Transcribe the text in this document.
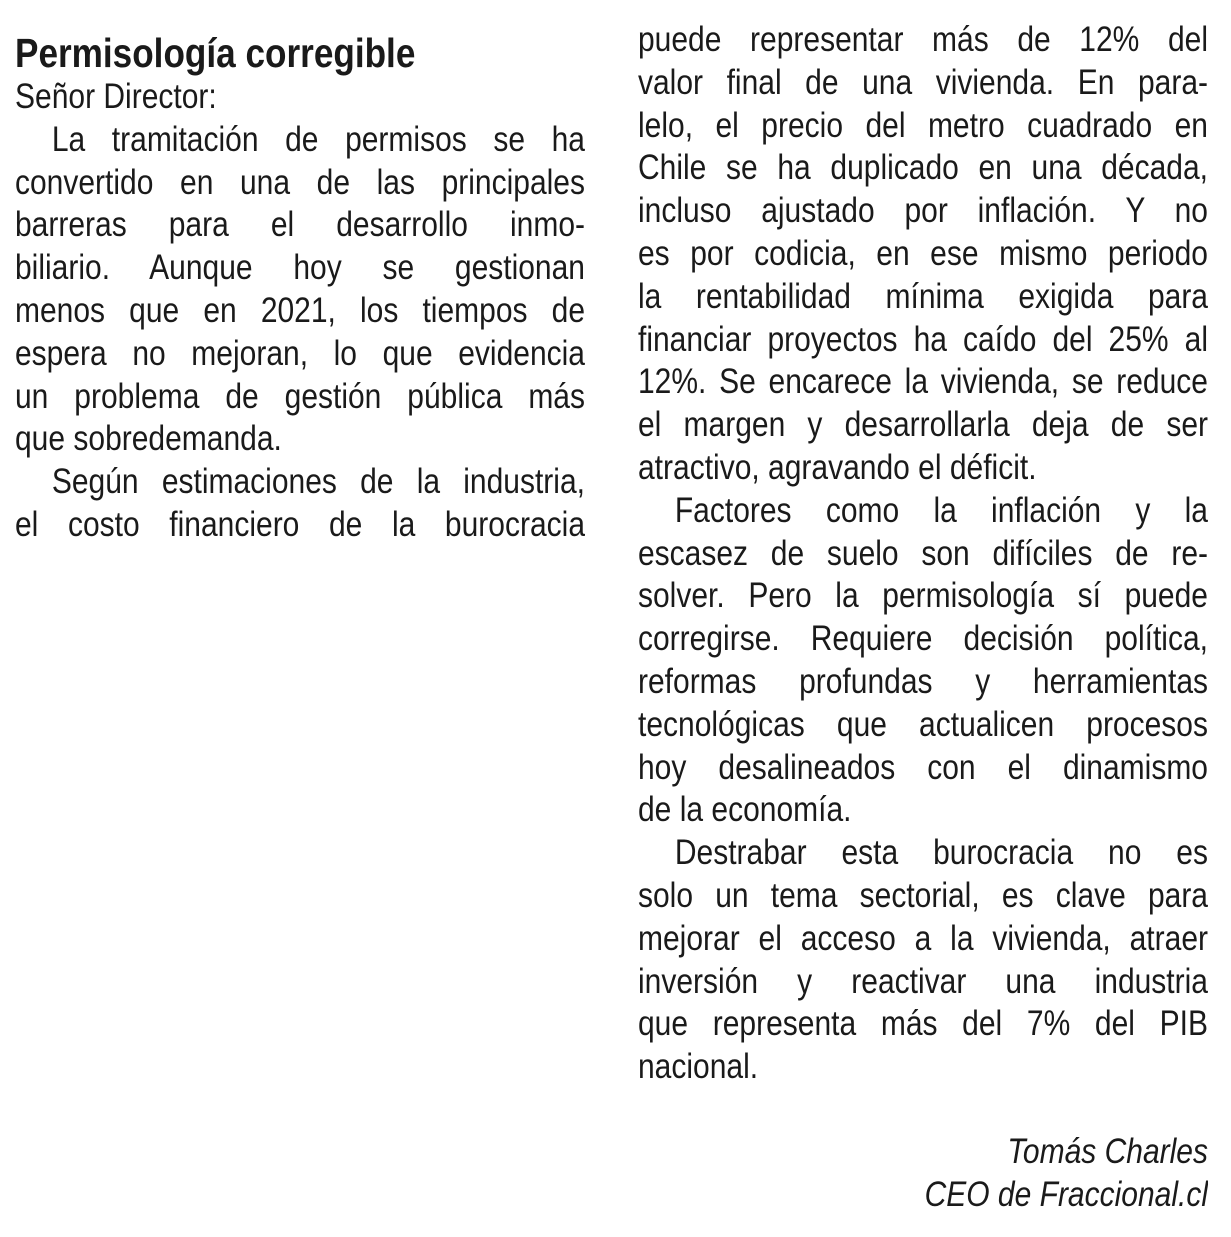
Permisología corregible
Señor Director:
La tramitación de permisos se ha
convertido en una de las principales
barreras para el desarrollo inmo-
biliario. Aunque hoy se gestionan
menos que en 2021, los tiempos de
espera no mejoran, lo que evidencia
un problema de gestión pública más
que sobredemanda.
Según estimaciones de la industria,
el costo financiero de la burocracia
puede representar más de 12% del
valor final de una vivienda. En para-
lelo, el precio del metro cuadrado en
Chile se ha duplicado en una década,
incluso ajustado por inflación. Y no
es por codicia, en ese mismo periodo
la rentabilidad mínima exigida para
financiar proyectos ha caído del 25% al
12%. Se encarece la vivienda, se reduce
el margen y desarrollarla deja de ser
atractivo, agravando el déficit.
Factores como la inflación y la
escasez de suelo son difíciles de re-
solver. Pero la permisología sí puede
corregirse. Requiere decisión política,
reformas profundas y herramientas
tecnológicas que actualicen procesos
hoy desalineados con el dinamismo
de la economía.
Destrabar esta burocracia no es
solo un tema sectorial, es clave para
mejorar el acceso a la vivienda, atraer
inversión y reactivar una industria
que representa más del 7% del PIB
nacional.
Tomás Charles
CEO de Fraccional.cl
